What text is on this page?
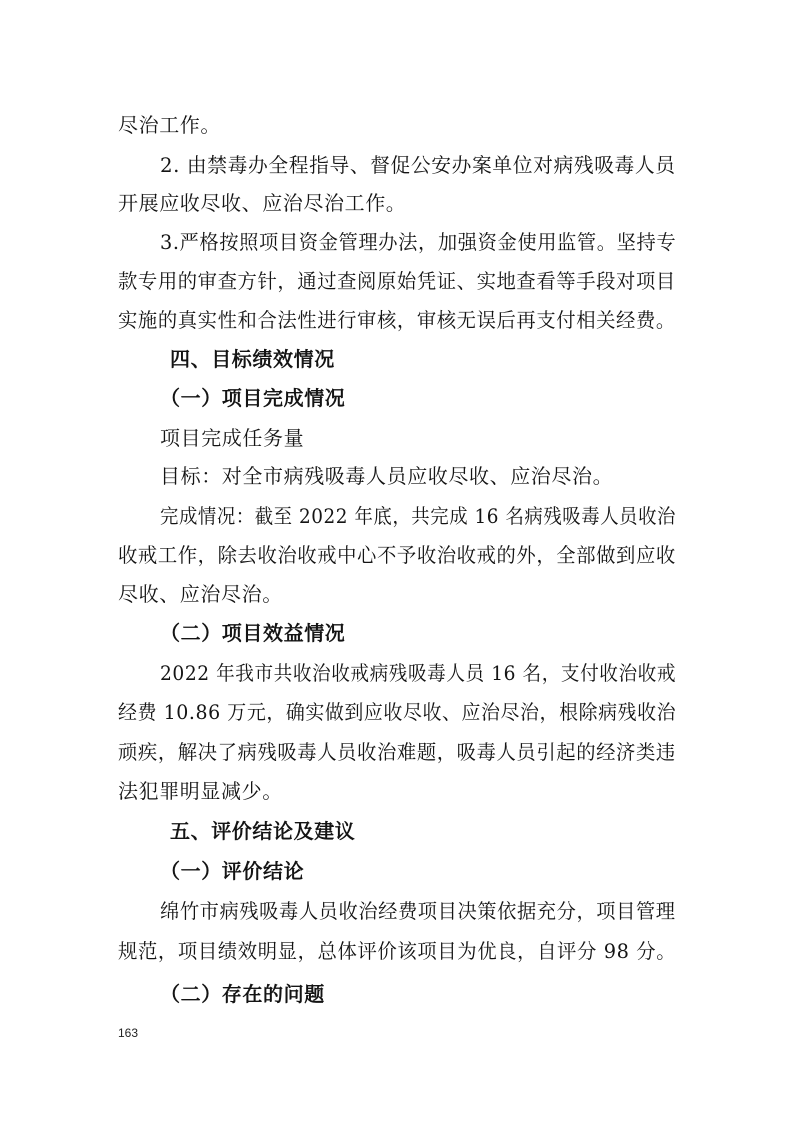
尽治工作。
2. 由禁毒办全程指导、督促公安办案单位对病残吸毒人员
开展应收尽收、应治尽治工作。
3.严格按照项目资金管理办法，加强资金使用监管。坚持专
款专用的审查方针，通过查阅原始凭证、实地查看等手段对项目
实施的真实性和合法性进行审核，审核无误后再支付相关经费。
四、目标绩效情况
（一）项目完成情况
项目完成任务量
目标：对全市病残吸毒人员应收尽收、应治尽治。
完成情况：截至 2022 年底，共完成 16 名病残吸毒人员收治
收戒工作，除去收治收戒中心不予收治收戒的外，全部做到应收
尽收、应治尽治。
（二）项目效益情况
2022 年我市共收治收戒病残吸毒人员 16 名，支付收治收戒
经费 10.86 万元，确实做到应收尽收、应治尽治，根除病残收治
顽疾，解决了病残吸毒人员收治难题，吸毒人员引起的经济类违
法犯罪明显减少。
五、评价结论及建议
（一）评价结论
绵竹市病残吸毒人员收治经费项目决策依据充分，项目管理
规范，项目绩效明显，总体评价该项目为优良，自评分 98 分。
（二）存在的问题
163
